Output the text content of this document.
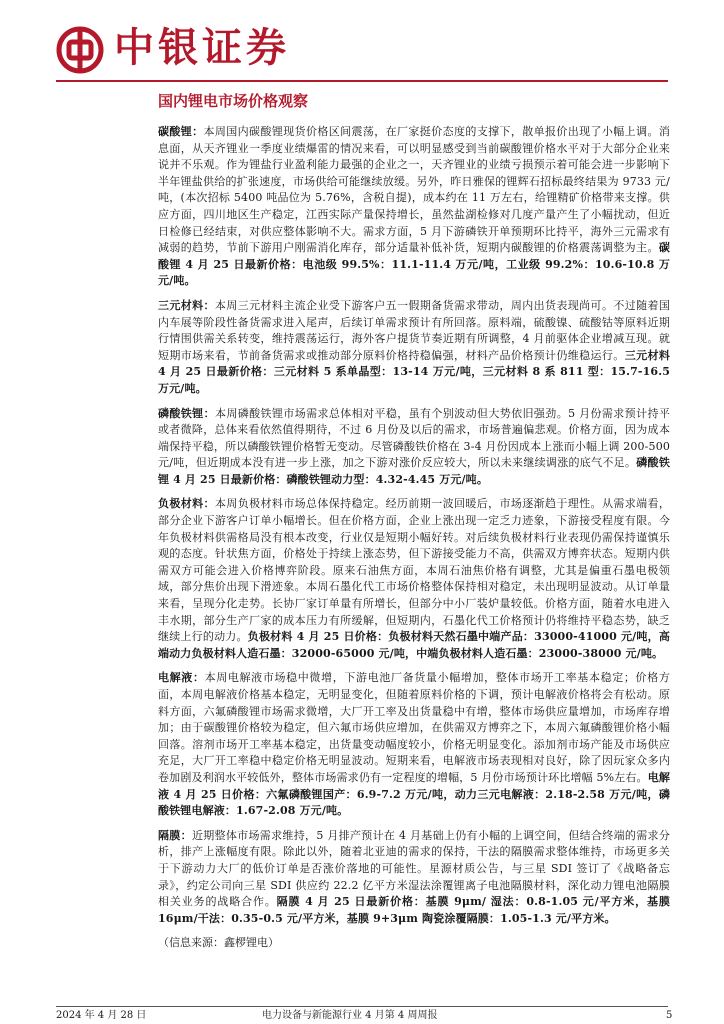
中银证券
国内锂电市场价格观察

碳酸锂：本周国内碳酸锂现货价格区间震荡，在厂家挺价态度的支撑下，散单报价出现了小幅上调。消息面，从天齐锂业一季度业绩爆雷的情况来看，可以明显感受到当前碳酸锂价格水平对于大部分企业来说并不乐观。作为锂盐行业盈利能力最强的企业之一，天齐锂业的业绩亏损预示着可能会进一步影响下半年锂盐供给的扩张速度，市场供给可能继续放缓。另外，昨日雅保的锂辉石招标最终结果为 9733 元/吨，(本次招标 5400 吨品位为 5.76%，含税自提)，成本约在 11 万左右，给锂精矿价格带来支撑。供应方面，四川地区生产稳定，江西实际产量保持增长，虽然盐湖检修对几度产量产生了小幅扰动，但近日检修已经结束，对供应整体影响不大。需求方面，5 月下游磷铁开单预期环比持平，海外三元需求有减弱的趋势，节前下游用户刚需消化库存，部分适量补低补货，短期内碳酸锂的价格震荡调整为主。碳酸锂 4 月 25 日最新价格：电池级 99.5%：11.1-11.4 万元/吨，工业级 99.2%：10.6-10.8 万元/吨。

三元材料：本周三元材料主流企业受下游客户五一假期备货需求带动，周内出货表现尚可。不过随着国内车展等阶段性备货需求进入尾声，后续订单需求预计有所回落。原料端，硫酸镍、硫酸钴等原料近期行情围供需关系转变，维持震荡运行，海外客户提货节奏近期有所调整，4 月前驱体企业增减互现。就短期市场来看，节前备货需求或推动部分原料价格持稳偏强，材料产品价格预计仍维稳运行。三元材料 4 月 25 日最新价格：三元材料 5 系单晶型：13-14 万元/吨，三元材料 8 系 811 型：15.7-16.5 万元/吨。

磷酸铁锂：本周磷酸铁锂市场需求总体相对平稳，虽有个别波动但大势依旧强劲。5 月份需求预计持平或者微降，总体来看依然值得期待，不过 6 月份及以后的需求，市场普遍偏悲观。价格方面，因为成本端保持平稳，所以磷酸铁锂价格暂无变动。尽管磷酸铁价格在 3-4 月份因成本上涨而小幅上调 200-500 元/吨，但近期成本没有进一步上涨，加之下游对涨价反应较大，所以未来继续调涨的底气不足。磷酸铁锂 4 月 25 日最新价格：磷酸铁锂动力型：4.32-4.45 万元/吨。

负极材料：本周负极材料市场总体保持稳定。经历前期一波回暖后，市场逐渐趋于理性。从需求端看，部分企业下游客户订单小幅增长。但在价格方面，企业上涨出现一定乏力迹象，下游接受程度有限。今年负极材料供需格局没有根本改变，行业仅是短期小幅好转。对后续负极材料行业表现仍需保持谨慎乐观的态度。针状焦方面，价格处于持续上涨态势，但下游接受能力不高，供需双方博弈状态。短期内供需双方可能会进入价格博弈阶段。原来石油焦方面，本周石油焦价格有调整，尤其是偏重石墨电极领域，部分焦价出现下滑迹象。本周石墨化代工市场价格整体保持相对稳定，未出现明显波动。从订单量来看，呈现分化走势。长协厂家订单量有所增长，但部分中小厂装炉量较低。价格方面，随着水电进入丰水期，部分生产厂家的成本压力有所缓解，但短期内，石墨化代工价格预计仍将维持平稳态势，缺乏继续上行的动力。负极材料 4 月 25 日价格：负极材料天然石墨中端产品：33000-41000 元/吨，高端动力负极材料人造石墨：32000-65000 元/吨，中端负极材料人造石墨：23000-38000 元/吨。

电解液：本周电解液市场稳中微增，下游电池厂备货量小幅增加，整体市场开工率基本稳定；价格方面，本周电解液价格基本稳定，无明显变化，但随着原料价格的下调，预计电解液价格将会有松动。原料方面，六氟磷酸锂市场需求微增，大厂开工率及出货量稳中有增，整体市场供应量增加，市场库存增加；由于碳酸锂价格较为稳定，但六氟市场供应增加，在供需双方博弈之下，本周六氟磷酸锂价格小幅回落。溶剂市场开工率基本稳定，出货量变动幅度较小，价格无明显变化。添加剂市场产能及市场供应充足，大厂开工率稳中稳定价格无明显波动。短期来看，电解液市场表现相对良好，除了因玩家众多内卷加剧及利润水平较低外，整体市场需求仍有一定程度的增幅，5 月份市场预计环比增幅 5%左右。电解液 4 月 25 日价格：六氟磷酸锂国产：6.9-7.2 万元/吨，动力三元电解液：2.18-2.58 万元/吨，磷酸铁锂电解液：1.67-2.08 万元/吨。

隔膜：近期整体市场需求维持，5 月排产预计在 4 月基础上仍有小幅的上调空间，但结合终端的需求分析，排产上涨幅度有限。除此以外，随着北亚迪的需求的保持，干法的隔膜需求整体维持，市场更多关于下游动力大厂的低价订单是否涨价落地的可能性。星源材质公告，与三星 SDI 签订了《战略备忘录》，约定公司向三星 SDI 供应约 22.2 亿平方米湿法涂覆锂离子电池隔膜材料，深化动力锂电池隔膜相关业务的战略合作。隔膜 4 月 25 日最新价格：基膜 9μm/ 湿法：0.8-1.05 元/平方米，基膜 16μm/干法：0.35-0.5 元/平方米，基膜 9+3μm 陶瓷涂覆隔膜：1.05-1.3 元/平方米。

（信息来源：鑫椤锂电）

2024 年 4 月 28 日	电力设备与新能源行业 4 月第 4 周周报	5
